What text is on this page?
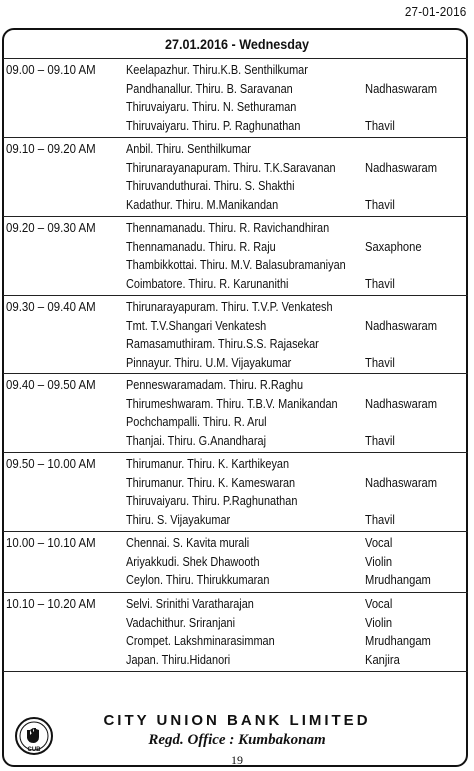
27-01-2016
27.01.2016 - Wednesday
09.00 – 09.10 AM Keelapazhur. Thiru.K.B. Senthilkumar
Pandhanallur. Thiru. B. Saravanan	Nadhaswaram
Thiruvaiyaru. Thiru. N. Sethuraman
Thiruvaiyaru. Thiru. P. Raghunathan	Thavil
09.10 – 09.20 AM Anbil. Thiru. Senthilkumar
Thirunarayanapuram. Thiru. T.K.Saravanan Nadhaswaram
Thiruvanduthurai. Thiru. S. Shakthi
Kadathur. Thiru. M.Manikandan	Thavil
09.20 – 09.30 AM Thennamanadu. Thiru. R. Ravichandhiran
Thennamanadu. Thiru. R. Raju	Saxaphone
Thambikkottai. Thiru. M.V. Balasubramaniyan
Coimbatore. Thiru. R. Karunanithi	Thavil
09.30 – 09.40 AM Thirunarayapuram. Thiru. T.V.P. Venkatesh
Tmt. T.V.Shangari Venkatesh	Nadhaswaram
Ramasamuthiram. Thiru.S.S. Rajasekar
Pinnayur. Thiru. U.M. Vijayakumar	Thavil
09.40 – 09.50 AM Penneswaramadam. Thiru. R.Raghu
Thirumeshwaram. Thiru. T.B.V. Manikandan Nadhaswaram
Pochchampalli. Thiru. R. Arul
Thanjai. Thiru. G.Anandharaj	Thavil
09.50 – 10.00 AM Thirumanur. Thiru. K. Karthikeyan
Thirumanur. Thiru. K. Kameswaran	Nadhaswaram
Thiruvaiyaru. Thiru. P.Raghunathan
Thiru. S. Vijayakumar	Thavil
10.00 – 10.10 AM Chennai. S. Kavita murali	Vocal
Ariyakkudi. Shek Dhawooth	Violin
Ceylon. Thiru. Thirukkumaran	Mrudhangam
10.10 – 10.20 AM Selvi. Srinithi Varatharajan	Vocal
Vadachithur. Sriranjani	Violin
Crompet. Lakshminarasimman	Mrudhangam
Japan. Thiru.Hidanori	Kanjira
CUB
CITY UNION BANK LIMITED
Regd. Office : Kumbakonam
19
